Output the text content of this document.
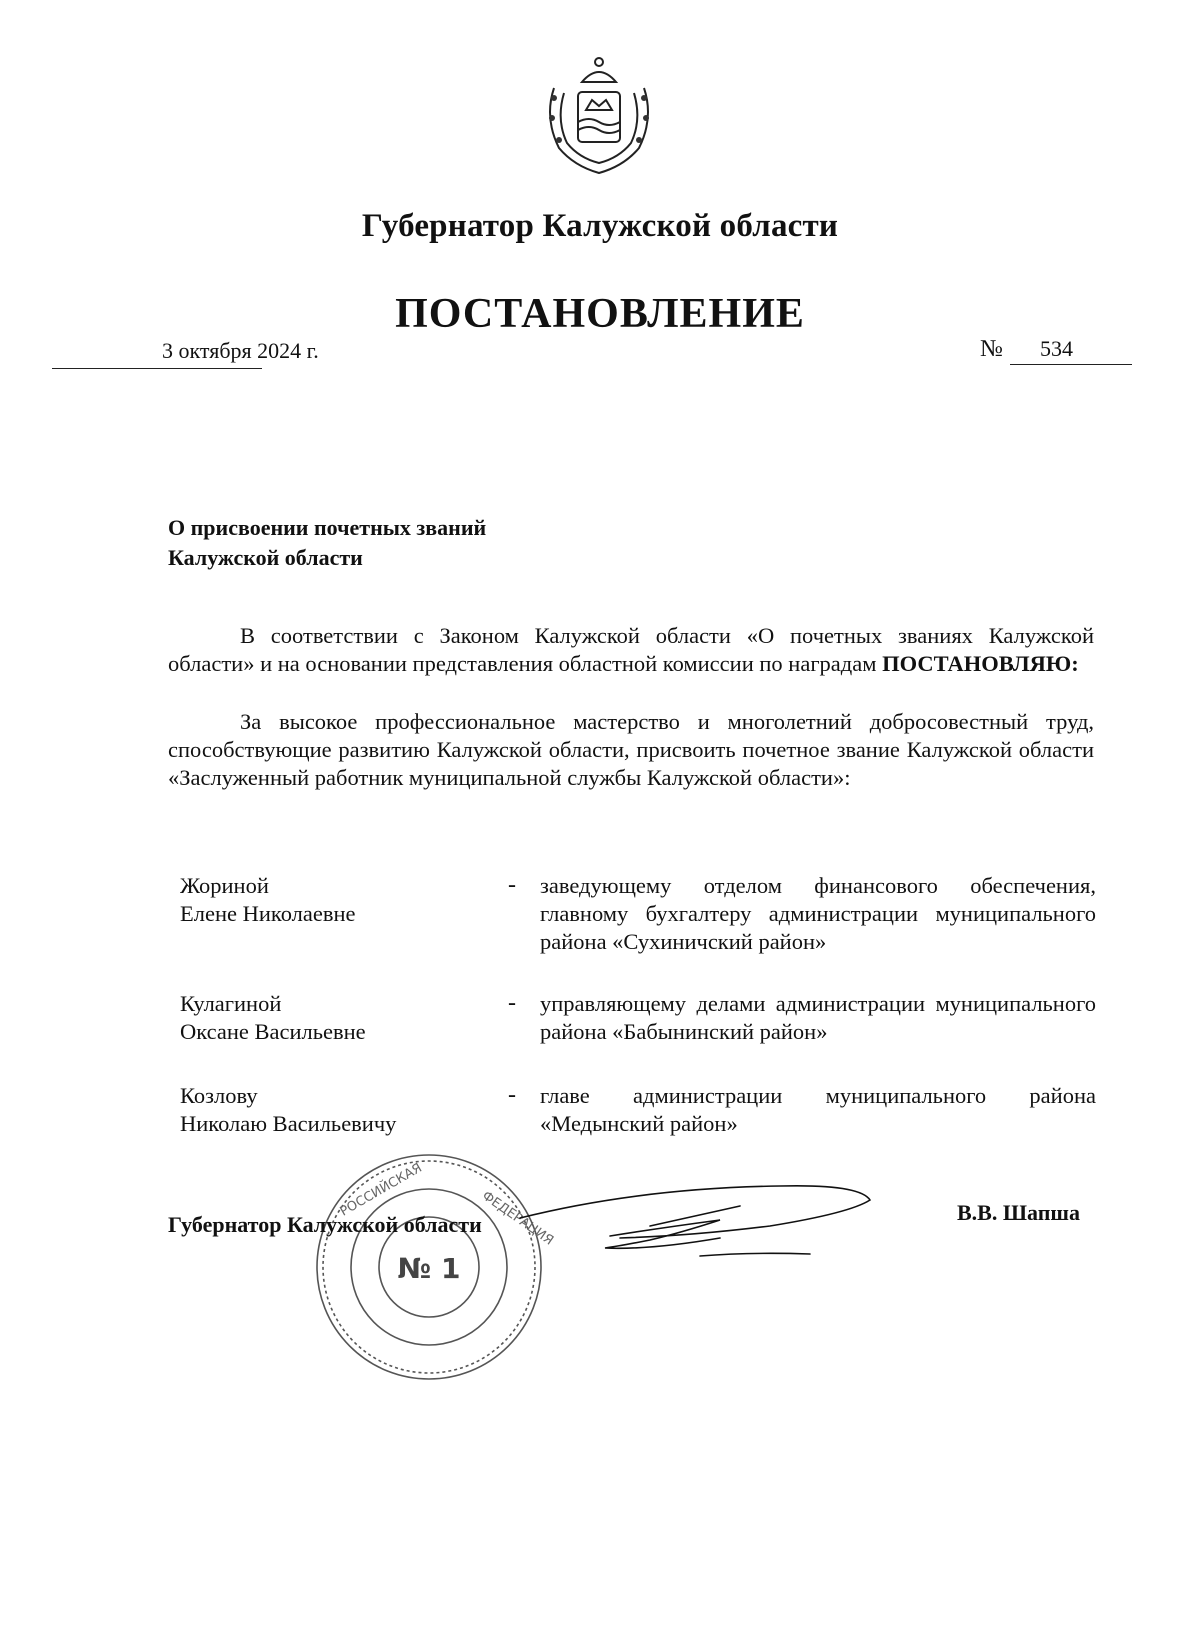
Губернатор Калужской области
ПОСТАНОВЛЕНИЕ
3 октября 2024 г.	№ 534
О присвоении почетных званий
Калужской области
В соответствии с Законом Калужской области «О почетных званиях Калужской области» и на основании представления областной комиссии по наградам ПОСТАНОВЛЯЮ:
За высокое профессиональное мастерство и многолетний добросовестный труд, способствующие развитию Калужской области, присвоить почетное звание Калужской области «Заслуженный работник муниципальной службы Калужской области»:
Жориной
Елене Николаевне
- заведующему отделом финансового обеспечения, главному бухгалтеру администрации муниципального района «Сухиничский район»
Кулагиной
Оксане Васильевне
- управляющему делами администрации муниципального района «Бабынинский район»
Козлову
Николаю Васильевичу
- главе администрации муниципального района «Медынский район»
РОССИЙСКАЯ	ФЕДЕРАЦИЯ
№ 1
Губернатор Калужской области	В.В. Шапша
